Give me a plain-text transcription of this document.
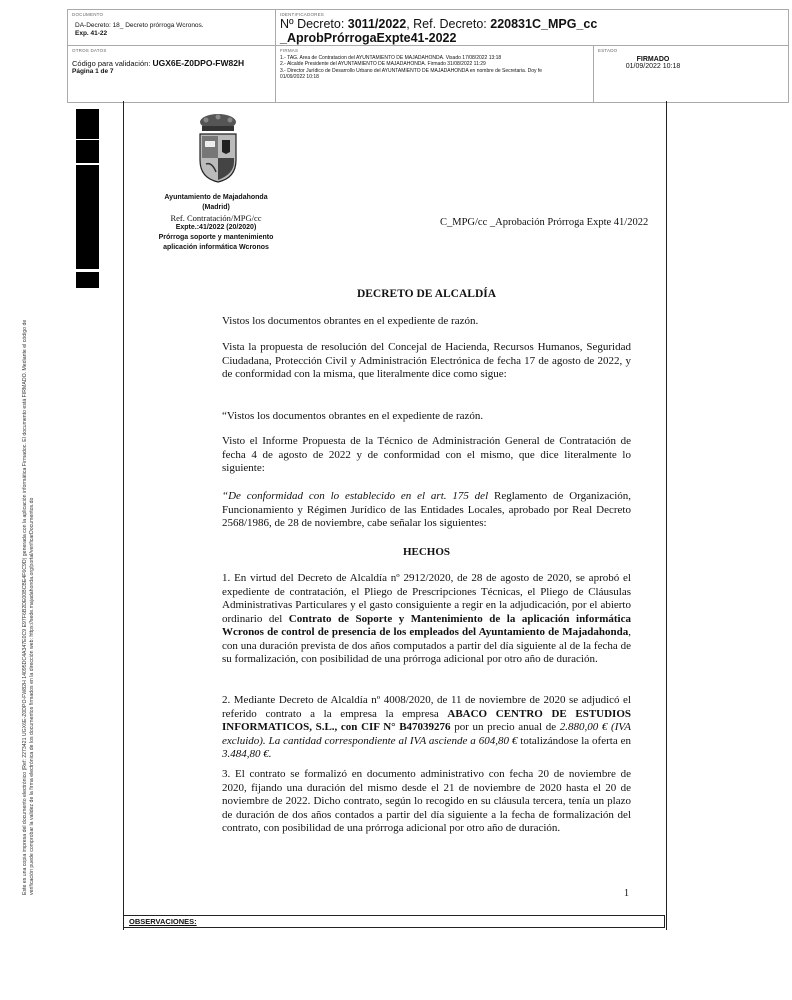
DOCUMENTO
DA-Decreto: 18_ Decreto prórroga Wcronos.
Exp. 41-22
IDENTIFICADORES
Nº Decreto: 3011/2022, Ref. Decreto: 220831C_MPG_cc
_AprobPrórrogaExpte41-2022
OTROS DATOS
Código para validación: UGX6E-Z0DPO-FW82H
Página 1 de 7
FIRMAS
1.- TAG. Area de Contratacion del AYUNTAMIENTO DE MAJADAHONDA. Visado 17/08/2022 13:18
2.- Alcalde Presidente del AYUNTAMIENTO DE MAJADAHONDA. Firmado 31/08/2022 11:29
3.- Director Jurídico de Desarrollo Urbano del AYUNTAMIENTO DE MAJADAHONDA en nombre de Secretaria. Doy fe
01/09/2022 10:18
ESTADO
FIRMADO
01/09/2022 10:18
Este es una copia impresa del documento electrónico (Ref: 2273421 UGX6E-Z0DPO-FW82H 14095DC4A347E0C9 E97F6B2DE00BCBE4F6C9D) generada con la aplicación informática Firmadoc. El documento está FIRMADO. Mediante el código de verificación puede comprobar la validez de la firma electrónica de los documentos firmados en la dirección web: https://sede.majadahonda.org/portal/verificarDocumentos.do
Ayuntamiento de Majadahonda
(Madrid)
Ref. Contratación/MPG/cc
Expte.:41/2022 (20/2020)
Prórroga soporte y mantenimiento
aplicación informática Wcronos
C_MPG/cc _Aprobación Prórroga Expte 41/2022
DECRETO DE ALCALDÍA
Vistos los documentos obrantes en el expediente de razón.
Vista la propuesta de resolución del Concejal de Hacienda, Recursos Humanos, Seguridad Ciudadana, Protección Civil y Administración Electrónica de fecha 17 de agosto de 2022, y de conformidad con la misma, que literalmente dice como sigue:
“Vistos los documentos obrantes en el expediente de razón.
Visto el Informe Propuesta de la Técnico de Administración General de Contratación de fecha 4 de agosto de 2022 y de conformidad con el mismo, que dice literalmente lo siguiente:
“De conformidad con lo establecido en el art. 175 del Reglamento de Organización, Funcionamiento y Régimen Jurídico de las Entidades Locales, aprobado por Real Decreto 2568/1986, de 28 de noviembre, cabe señalar los siguientes:
HECHOS
1. En virtud del Decreto de Alcaldía nº 2912/2020, de 28 de agosto de 2020, se aprobó el expediente de contratación, el Pliego de Prescripciones Técnicas, el Pliego de Cláusulas Administrativas Particulares y el gasto consiguiente a regir en la adjudicación, por el abierto ordinario del Contrato de Soporte y Mantenimiento de la aplicación informática Wcronos de control de presencia de los empleados del Ayuntamiento de Majadahonda, con una duración prevista de dos años computados a partir del día siguiente al de la fecha de su formalización, con posibilidad de una prórroga adicional por otro año de duración.
2. Mediante Decreto de Alcaldía nº 4008/2020, de 11 de noviembre de 2020 se adjudicó el referido contrato a la empresa la empresa ABACO CENTRO DE ESTUDIOS INFORMATICOS, S.L., con CIF N° B47039276 por un precio anual de 2.880,00 € (IVA excluido). La cantidad correspondiente al IVA asciende a 604,80 € totalizándose la oferta en 3.484,80 €.
3. El contrato se formalizó en documento administrativo con fecha 20 de noviembre de 2020, fijando una duración del mismo desde el 21 de noviembre de 2020 hasta el 20 de noviembre de 2022. Dicho contrato, según lo recogido en su cláusula tercera, tenía un plazo de duración de dos años contados a partir del día siguiente a la fecha de formalización del contrato, con posibilidad de una prórroga adicional por otro año de duración.
1
OBSERVACIONES:
